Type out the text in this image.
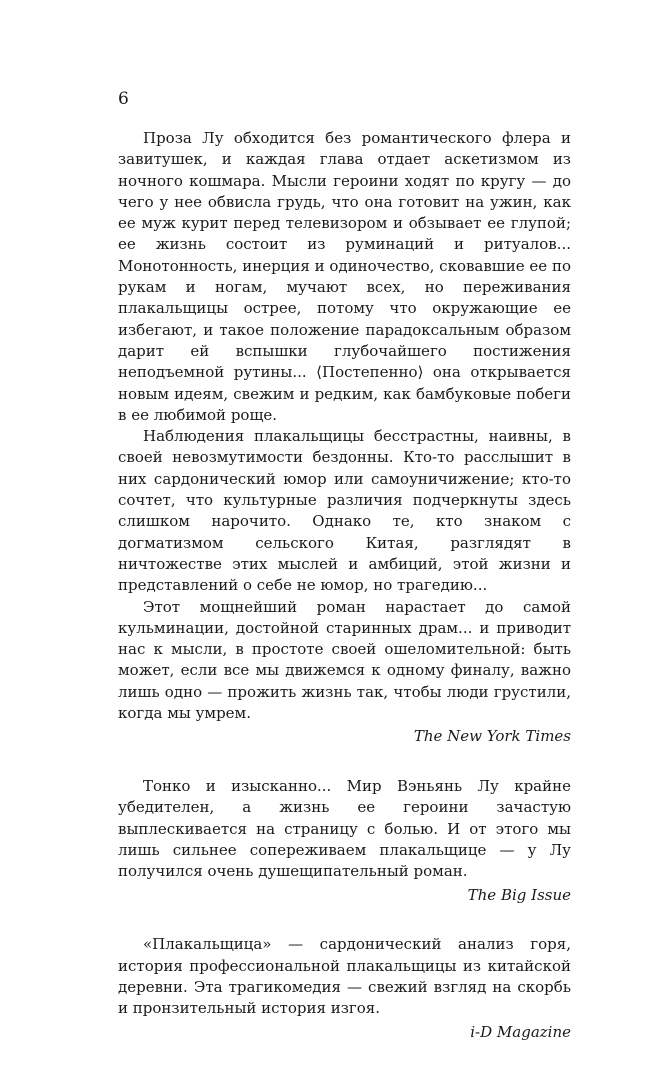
6

Проза Лу обходится без романтического флера и завитушек, и каждая глава отдает аскетизмом из ночного кошмара. Мысли героини ходят по кругу — до чего у нее обвисла грудь, что она готовит на ужин, как ее муж курит перед телевизором и обзывает ее глупой; ее жизнь состоит из руминаций и ритуалов... Монотонность, инерция и одиночество, сковавшие ее по рукам и ногам, мучают всех, но переживания плакальщицы острее, потому что окружающие ее избегают, и такое положение парадоксальным образом дарит ей вспышки глубочайшего постижения неподъемной рутины... ⟨Постепенно⟩ она открывается новым идеям, свежим и редким, как бамбуковые побеги в ее любимой роще.

Наблюдения плакальщицы бесстрастны, наивны, в своей невозмутимости бездонны. Кто-то расслышит в них сардонический юмор или самоуничижение; кто-то сочтет, что культурные различия подчеркнуты здесь слишком нарочито. Однако те, кто знаком с догматизмом сельского Китая, разглядят в ничтожестве этих мыслей и амбиций, этой жизни и представлений о себе не юмор, но трагедию...

Этот мощнейший роман нарастает до самой кульминации, достойной старинных драм... и приводит нас к мысли, в простоте своей ошеломительной: быть может, если все мы движемся к одному финалу, важно лишь одно — прожить жизнь так, чтобы люди грустили, когда мы умрем.

The New York Times

Тонко и изысканно... Мир Вэньянь Лу крайне убедителен, а жизнь ее героини зачастую выплескивается на страницу с болью. И от этого мы лишь сильнее сопереживаем плакальщице — у Лу получился очень душещипательный роман.

The Big Issue

«Плакальщица» — сардонический анализ горя, история профессиональной плакальщицы из китайской деревни. Эта трагикомедия — свежий взгляд на скорбь и пронзительный история изгоя.

i-D Magazine
